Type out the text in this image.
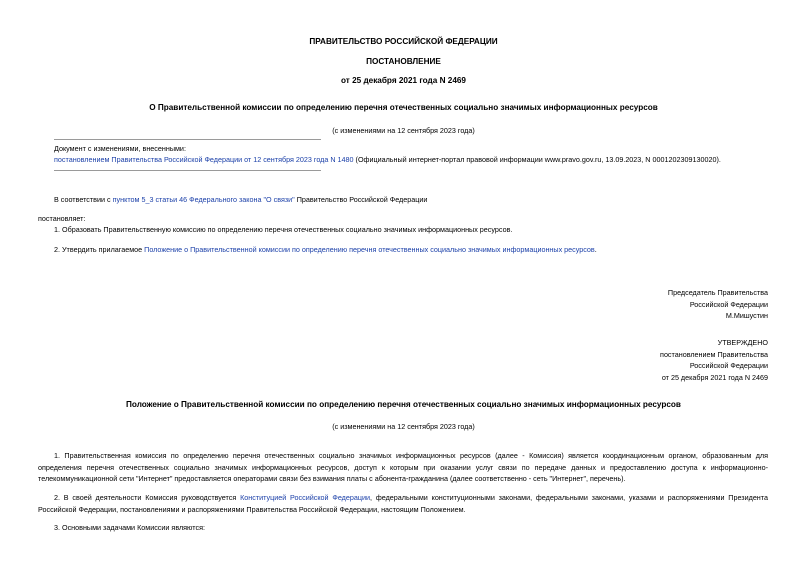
ПРАВИТЕЛЬСТВО РОССИЙСКОЙ ФЕДЕРАЦИИ
ПОСТАНОВЛЕНИЕ
от 25 декабря 2021 года N 2469
О Правительственной комиссии по определению перечня отечественных социально значимых информационных ресурсов
(с изменениями на 12 сентября 2023 года)
Документ с изменениями, внесенными:
постановлением Правительства Российской Федерации от 12 сентября 2023 года N 1480 (Официальный интернет-портал правовой информации www.pravo.gov.ru, 13.09.2023, N 0001202309130020).
В соответствии с пунктом 5_3 статьи 46 Федерального закона "О связи" Правительство Российской Федерации
постановляет:
1. Образовать Правительственную комиссию по определению перечня отечественных социально значимых информационных ресурсов.
2. Утвердить прилагаемое Положение о Правительственной комиссии по определению перечня отечественных социально значимых информационных ресурсов.
Председатель Правительства
Российской Федерации
М.Мишустин
УТВЕРЖДЕНО
постановлением Правительства
Российской Федерации
от 25 декабря 2021 года N 2469
Положение о Правительственной комиссии по определению перечня отечественных социально значимых информационных ресурсов
(с изменениями на 12 сентября 2023 года)
1. Правительственная комиссия по определению перечня отечественных социально значимых информационных ресурсов (далее - Комиссия) является координационным органом, образованным для определения перечня отечественных социально значимых информационных ресурсов, доступ к которым при оказании услуг связи по передаче данных и предоставлению доступа к информационно-телекоммуникационной сети "Интернет" предоставляется операторами связи без взимания платы с абонента-гражданина (далее соответственно - сеть "Интернет", перечень).
2. В своей деятельности Комиссия руководствуется Конституцией Российской Федерации, федеральными конституционными законами, федеральными законами, указами и распоряжениями Президента Российской Федерации, постановлениями и распоряжениями Правительства Российской Федерации, настоящим Положением.
3. Основными задачами Комиссии являются:
